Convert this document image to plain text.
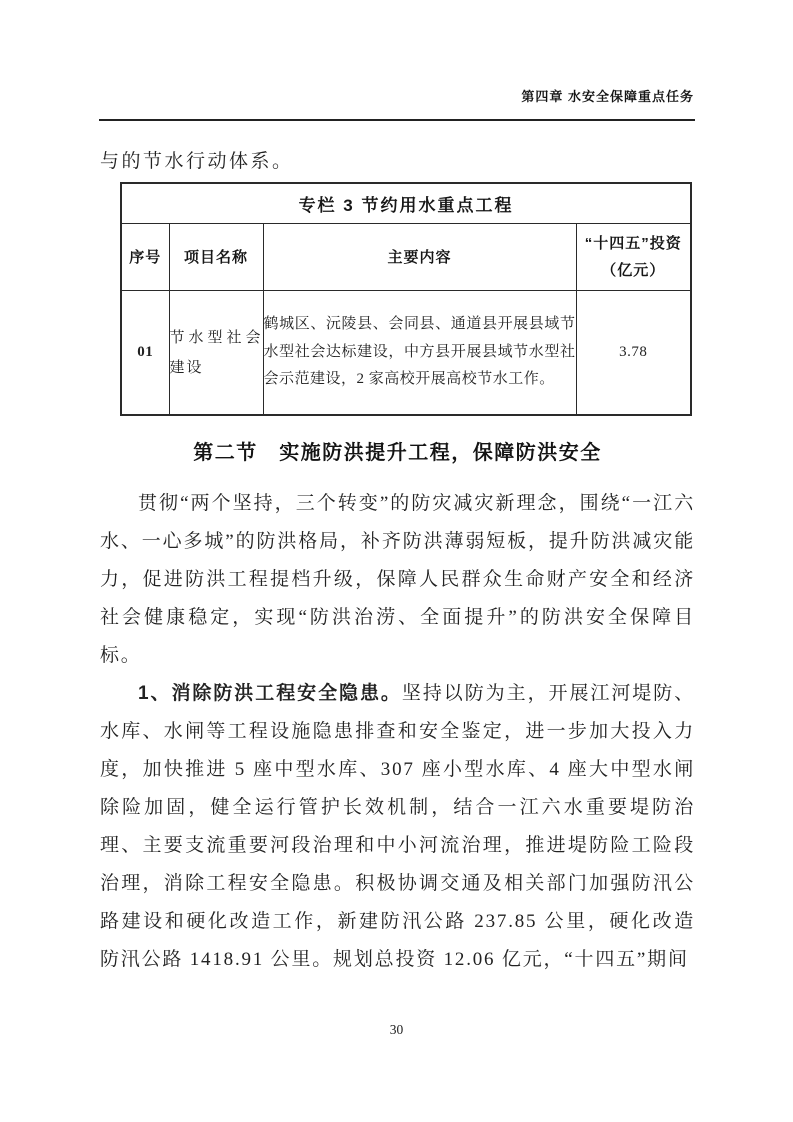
第四章 水安全保障重点任务
与的节水行动体系。
专栏 3 节约用水重点工程			
序号	项目名称	主要内容	“十四五”投资（亿元）
01	节水型社会建设	鹤城区、沅陵县、会同县、通道县开展县域节水型社会达标建设，中方县开展县域节水型社会示范建设，2 家高校开展高校节水工作。	3.78
第二节　实施防洪提升工程，保障防洪安全

贯彻“两个坚持，三个转变”的防灾减灾新理念，围绕“一江六水、一心多城”的防洪格局，补齐防洪薄弱短板，提升防洪减灾能力，促进防洪工程提档升级，保障人民群众生命财产安全和经济社会健康稳定，实现“防洪治涝、全面提升”的防洪安全保障目标。

1、消除防洪工程安全隐患。坚持以防为主，开展江河堤防、水库、水闸等工程设施隐患排查和安全鉴定，进一步加大投入力度，加快推进 5 座中型水库、307 座小型水库、4 座大中型水闸除险加固，健全运行管护长效机制，结合一江六水重要堤防治理、主要支流重要河段治理和中小河流治理，推进堤防险工险段治理，消除工程安全隐患。积极协调交通及相关部门加强防汛公路建设和硬化改造工作，新建防汛公路 237.85 公里，硬化改造防汛公路 1418.91 公里。规划总投资 12.06 亿元，“十四五”期间

30
